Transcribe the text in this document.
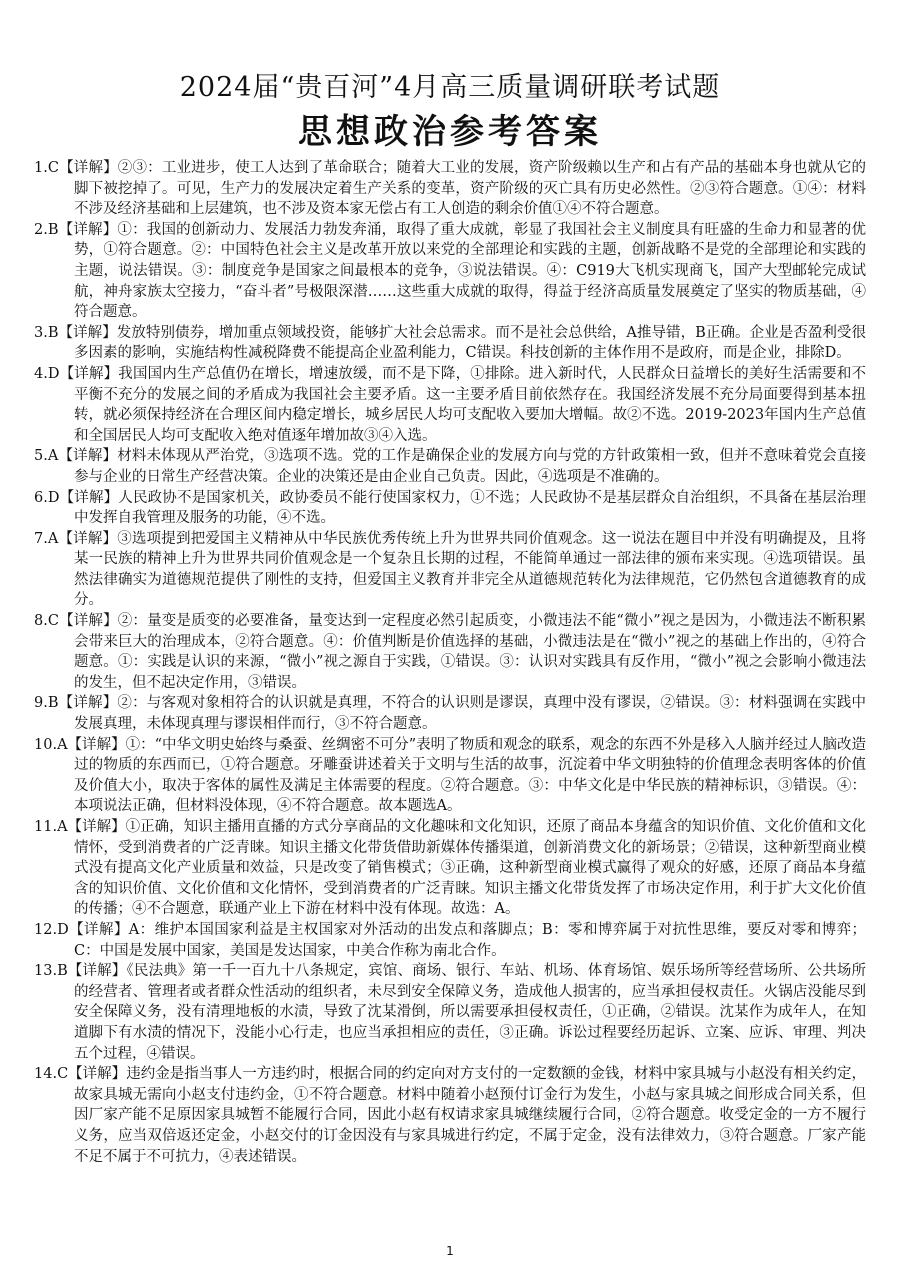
2024届“贵百河”4月高三质量调研联考试题
思想政治参考答案

1.C【详解】②③：工业进步，使工人达到了革命联合；随着大工业的发展，资产阶级赖以生产和占有产品的基础本身也就从它的脚下被挖掉了。可见，生产力的发展决定着生产关系的变革，资产阶级的灭亡具有历史必然性。②③符合题意。①④：材料不涉及经济基础和上层建筑，也不涉及资本家无偿占有工人创造的剩余价值①④不符合题意。

2.B【详解】①：我国的创新动力、发展活力勃发奔涌，取得了重大成就，彰显了我国社会主义制度具有旺盛的生命力和显著的优势，①符合题意。②：中国特色社会主义是改革开放以来党的全部理论和实践的主题，创新战略不是党的全部理论和实践的主题，说法错误。③：制度竞争是国家之间最根本的竞争，③说法错误。④：C919大飞机实现商飞，国产大型邮轮完成试航，神舟家族太空接力，“奋斗者”号极限深潜……这些重大成就的取得，得益于经济高质量发展奠定了坚实的物质基础，④符合题意。

3.B【详解】发放特别债券，增加重点领域投资，能够扩大社会总需求。而不是社会总供给，A推导错，B正确。企业是否盈利受很多因素的影响，实施结构性减税降费不能提高企业盈利能力，C错误。科技创新的主体作用不是政府，而是企业，排除D。

4.D【详解】我国国内生产总值仍在增长，增速放缓，而不是下降，①排除。进入新时代，人民群众日益增长的美好生活需要和不平衡不充分的发展之间的矛盾成为我国社会主要矛盾。这一主要矛盾目前依然存在。我国经济发展不充分局面要得到基本扭转，就必须保持经济在合理区间内稳定增长，城乡居民人均可支配收入要加大增幅。故②不选。2019-2023年国内生产总值和全国居民人均可支配收入绝对值逐年增加故③④入选。

5.A【详解】材料未体现从严治党，③选项不选。党的工作是确保企业的发展方向与党的方针政策相一致，但并不意味着党会直接参与企业的日常生产经营决策。企业的决策还是由企业自己负责。因此，④选项是不准确的。

6.D【详解】人民政协不是国家机关，政协委员不能行使国家权力，①不选；人民政协不是基层群众自治组织，不具备在基层治理中发挥自我管理及服务的功能，④不选。

7.A【详解】③选项提到把爱国主义精神从中华民族优秀传统上升为世界共同价值观念。这一说法在题目中并没有明确提及，且将某一民族的精神上升为世界共同价值观念是一个复杂且长期的过程，不能简单通过一部法律的颁布来实现。④选项错误。虽然法律确实为道德规范提供了刚性的支持，但爱国主义教育并非完全从道德规范转化为法律规范，它仍然包含道德教育的成分。

8.C【详解】②：量变是质变的必要准备，量变达到一定程度必然引起质变，小微违法不能“微小”视之是因为，小微违法不断积累会带来巨大的治理成本，②符合题意。④：价值判断是价值选择的基础，小微违法是在“微小”视之的基础上作出的，④符合题意。①：实践是认识的来源，“微小”视之源自于实践，①错误。③：认识对实践具有反作用，“微小”视之会影响小微违法的发生，但不起决定作用，③错误。

9.B【详解】②：与客观对象相符合的认识就是真理，不符合的认识则是谬误，真理中没有谬误，②错误。③：材料强调在实践中发展真理，未体现真理与谬误相伴而行，③不符合题意。

10.A【详解】①：“中华文明史始终与桑蚕、丝绸密不可分”表明了物质和观念的联系，观念的东西不外是移入人脑并经过人脑改造过的物质的东西而已，①符合题意。牙雕蚕讲述着关于文明与生活的故事，沉淀着中华文明独特的价值理念表明客体的价值及价值大小，取决于客体的属性及满足主体需要的程度。②符合题意。③：中华文化是中华民族的精神标识，③错误。④：本项说法正确，但材料没体现，④不符合题意。故本题选A。

11.A【详解】①正确，知识主播用直播的方式分享商品的文化趣味和文化知识，还原了商品本身蕴含的知识价值、文化价值和文化情怀，受到消费者的广泛青睐。知识主播文化带货借助新媒体传播渠道，创新消费文化的新场景；②错误，这种新型商业模式没有提高文化产业质量和效益，只是改变了销售模式；③正确，这种新型商业模式赢得了观众的好感，还原了商品本身蕴含的知识价值、文化价值和文化情怀，受到消费者的广泛青睐。知识主播文化带货发挥了市场决定作用，利于扩大文化价值的传播；④不合题意，联通产业上下游在材料中没有体现。故选：A。

12.D【详解】A：维护本国国家利益是主权国家对外活动的出发点和落脚点；B：零和博弈属于对抗性思维，要反对零和博弈；C：中国是发展中国家，美国是发达国家，中美合作称为南北合作。

13.B【详解】《民法典》第一千一百九十八条规定，宾馆、商场、银行、车站、机场、体育场馆、娱乐场所等经营场所、公共场所的经营者、管理者或者群众性活动的组织者，未尽到安全保障义务，造成他人损害的，应当承担侵权责任。火锅店没能尽到安全保障义务，没有清理地板的水渍，导致了沈某滑倒，所以需要承担侵权责任，①正确，②错误。沈某作为成年人，在知道脚下有水渍的情况下，没能小心行走，也应当承担相应的责任，③正确。诉讼过程要经历起诉、立案、应诉、审理、判决五个过程，④错误。

14.C【详解】违约金是指当事人一方违约时，根据合同的约定向对方支付的一定数额的金钱，材料中家具城与小赵没有相关约定，故家具城无需向小赵支付违约金，①不符合题意。材料中随着小赵预付订金行为发生，小赵与家具城之间形成合同关系，但因厂家产能不足原因家具城暂不能履行合同，因此小赵有权请求家具城继续履行合同，②符合题意。收受定金的一方不履行义务，应当双倍返还定金，小赵交付的订金因没有与家具城进行约定，不属于定金，没有法律效力，③符合题意。厂家产能不足不属于不可抗力，④表述错误。

1
